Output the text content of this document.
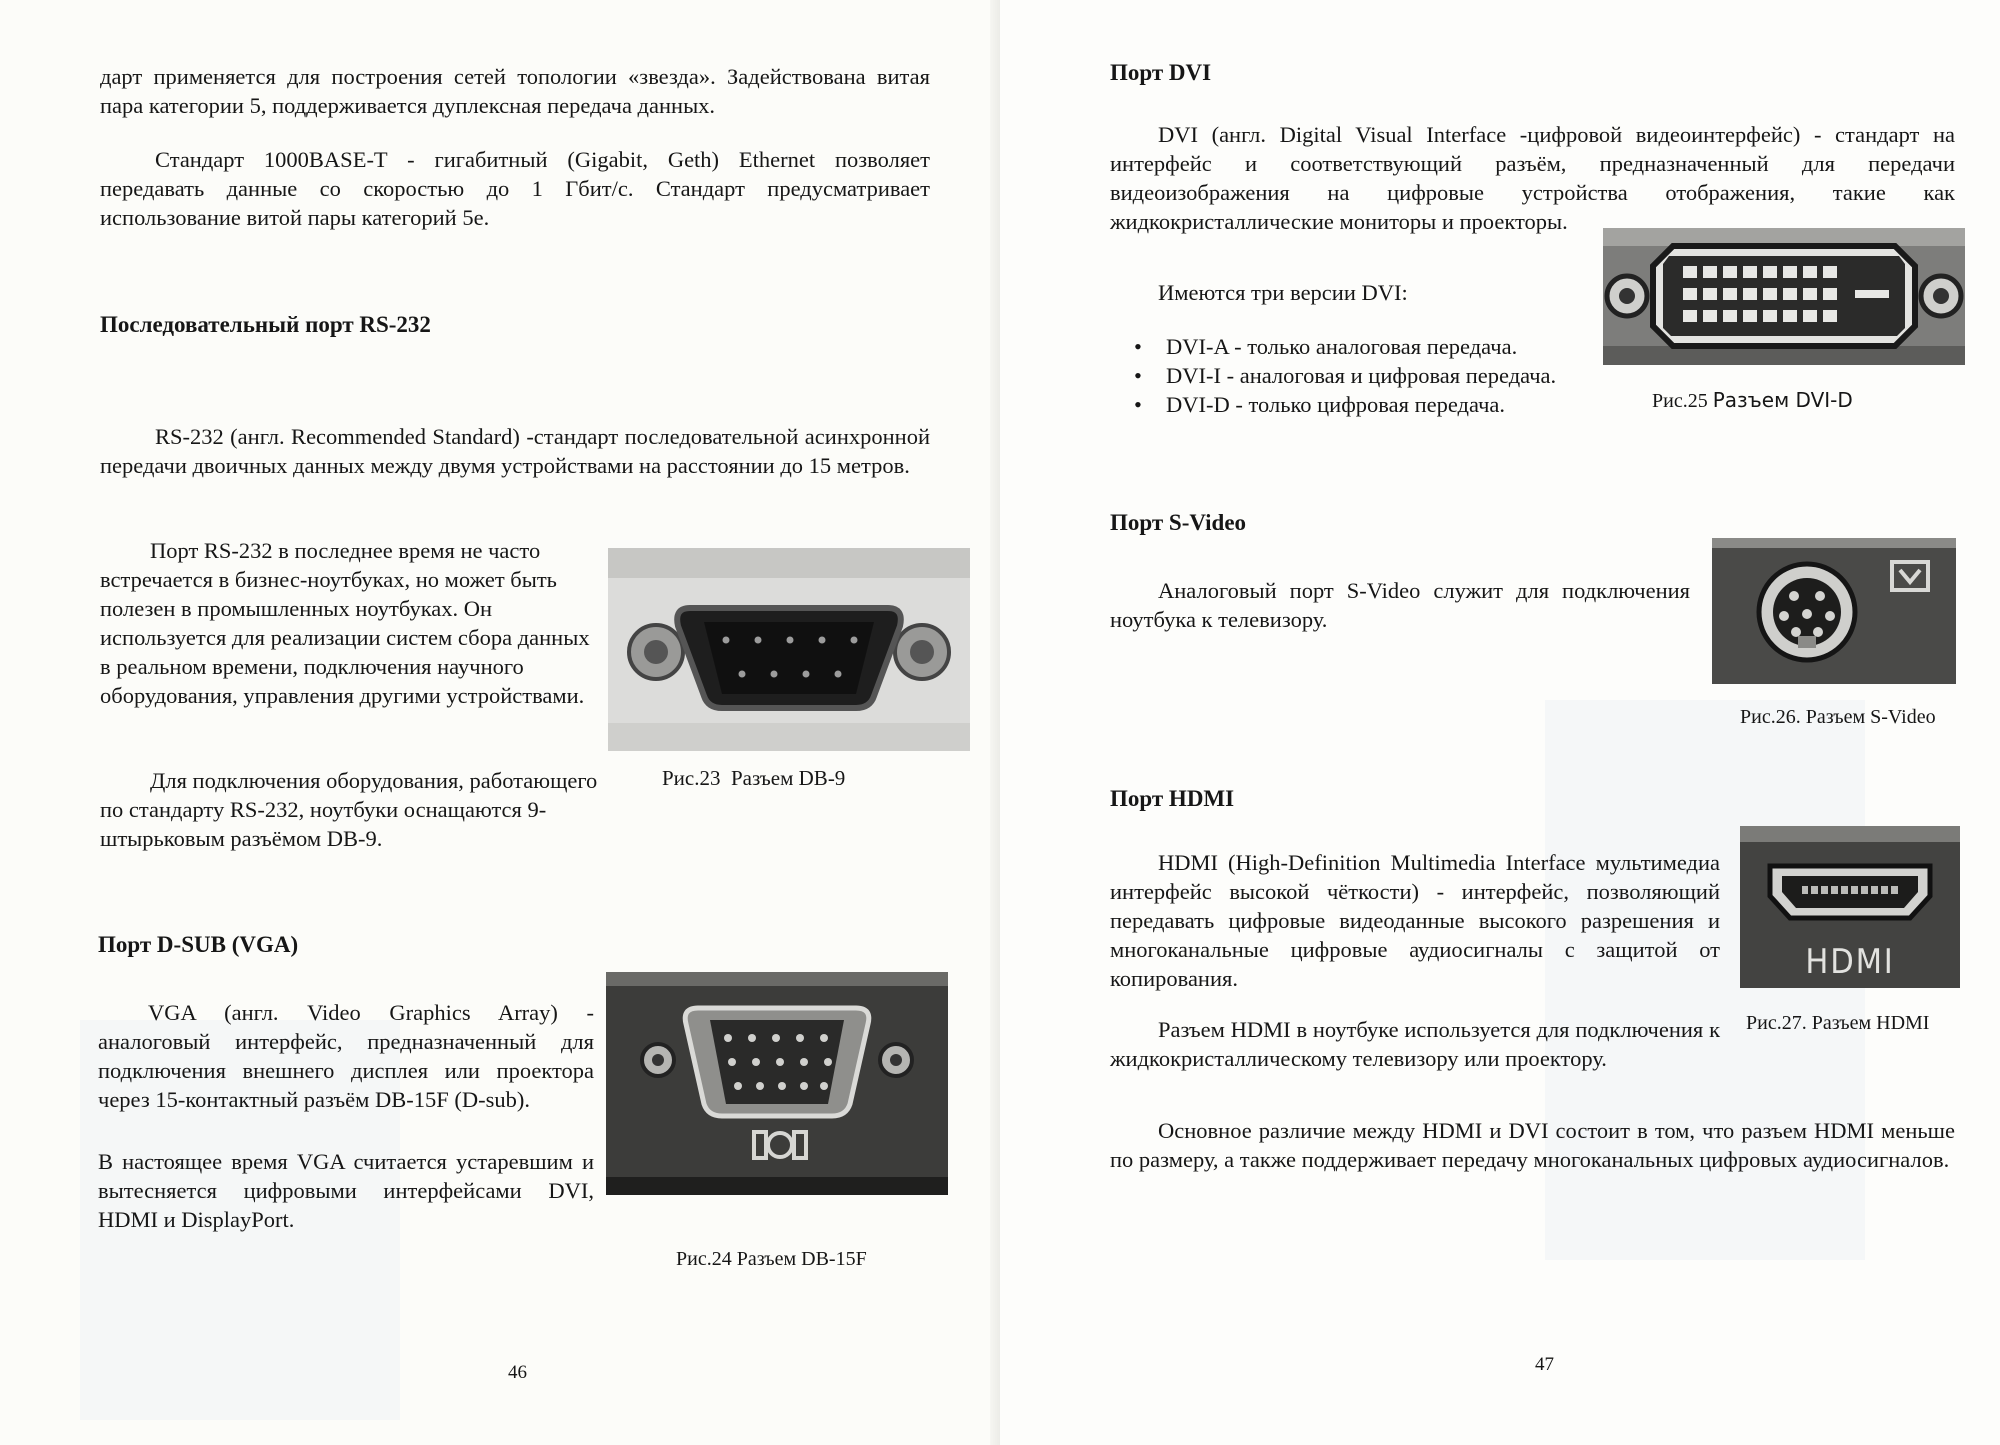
дарт применяется для построения сетей топологии «звезда». Задействована витая пара категории 5, поддерживается дуплексная передача данных.

Стандарт 1000BASE-T - гигабитный (Gigabit, Geth) Ethernet позволяет передавать данные со скоростью до 1 Гбит/с. Стандарт предусматривает использование витой пары категорий 5е.

Последовательный порт RS-232

RS-232 (англ. Recommended Standard) -стандарт последовательной асинхронной передачи двоичных данных между двумя устройствами на расстоянии до 15 метров.

Порт RS-232 в последнее время не часто встречается в бизнес-ноутбуках, но может быть полезен в промышленных ноутбуках. Он используется для реализации систем сбора данных в реальном времени, подключения научного оборудования, управления другими устройствами.

Для подключения оборудования, работающего по стандарту RS-232, ноутбуки оснащаются 9-штырьковым разъёмом DB-9.

Рис.23  Разъем DB-9
Порт D-SUB (VGA)

VGA (англ. Video Graphics Array) - аналоговый интерфейс, предназначенный для подключения внешнего дисплея или проектора через 15-контактный разъём DB-15F (D-sub).

В настоящее время VGA считается устаревшим и вытесняется цифровыми интерфейсами DVI, HDMI и DisplayPort.

Рис.24 Разъем DB-15F
46
Порт DVI

DVI (англ. Digital Visual Interface -цифровой видеоинтерфейс) - стандарт на интерфейс и соответствующий разъём, предназначенный для передачи видеоизображения на цифровые устройства отображения, такие как жидкокристаллические мониторы и проекторы.

Имеются три версии DVI:

• DVI-A - только аналоговая передача.
• DVI-I - аналоговая и цифровая передача.
• DVI-D - только цифровая передача.	Рис.25 Разъем DVI-D
Порт S-Video

Аналоговый порт S-Video служит для подключения ноутбука к телевизору.

Рис.26. Разъем S-Video
Порт HDMI

HDMI (High-Definition Multimedia Interface мультимедиа интерфейс высокой чёткости) - интерфейс, позволяющий передавать цифровые видеоданные высокого разрешения и многоканальные цифровые аудиосигналы с защитой от копирования.

Разъем HDMI в ноутбуке используется для подключения к жидкокристаллическому телевизору или проектору.

Основное различие между HDMI и DVI состоит в том, что разъем HDMI меньше по размеру, а также поддерживает передачу многоканальных цифровых аудиосигналов.

HDMI
Рис.27. Разъем HDMI
47
